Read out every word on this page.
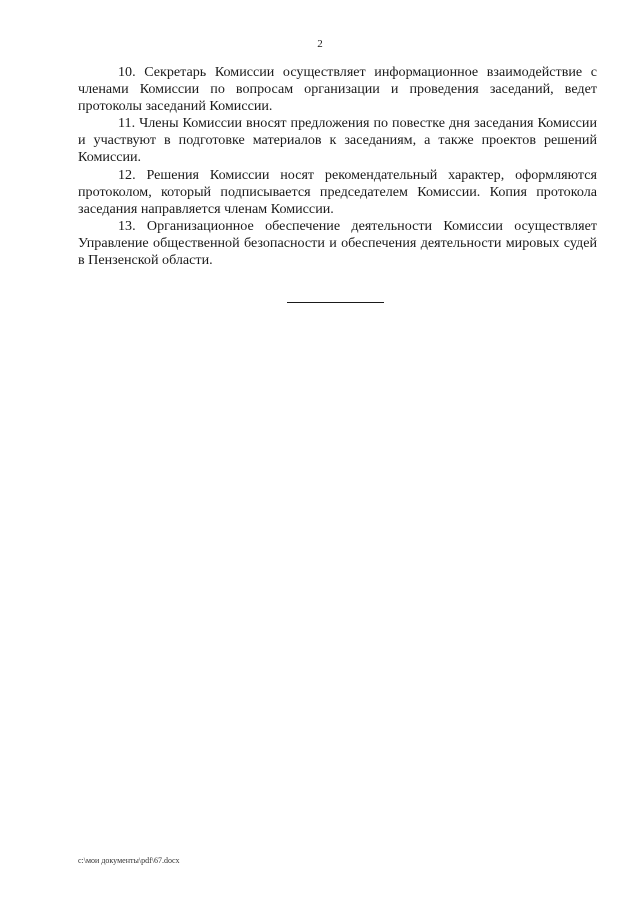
2

10. Секретарь Комиссии осуществляет информационное взаимодействие с членами Комиссии по вопросам организации и проведения заседаний, ведет протоколы заседаний Комиссии.

11. Члены Комиссии вносят предложения по повестке дня заседания Комиссии и участвуют в подготовке материалов к заседаниям, а также проектов решений Комиссии.

12. Решения Комиссии носят рекомендательный характер, оформляются протоколом, который подписывается председателем Комиссии. Копия протокола заседания направляется членам Комиссии.

13. Организационное обеспечение деятельности Комиссии осуществляет Управление общественной безопасности и обеспечения деятельности мировых судей в Пензенской области.

c:\мои документы\pdf\67.docx
